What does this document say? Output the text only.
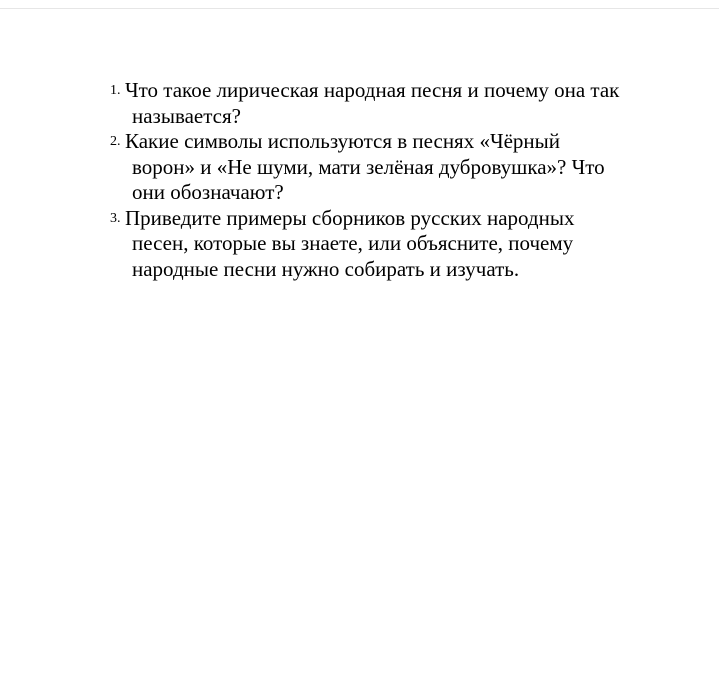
1. Что такое лирическая народная песня и почему она так
называется?
2. Какие символы используются в песнях «Чёрный
ворон» и «Не шуми, мати зелёная дубровушка»? Что
они обозначают?
3. Приведите примеры сборников русских народных
песен, которые вы знаете, или объясните, почему
народные песни нужно собирать и изучать.
